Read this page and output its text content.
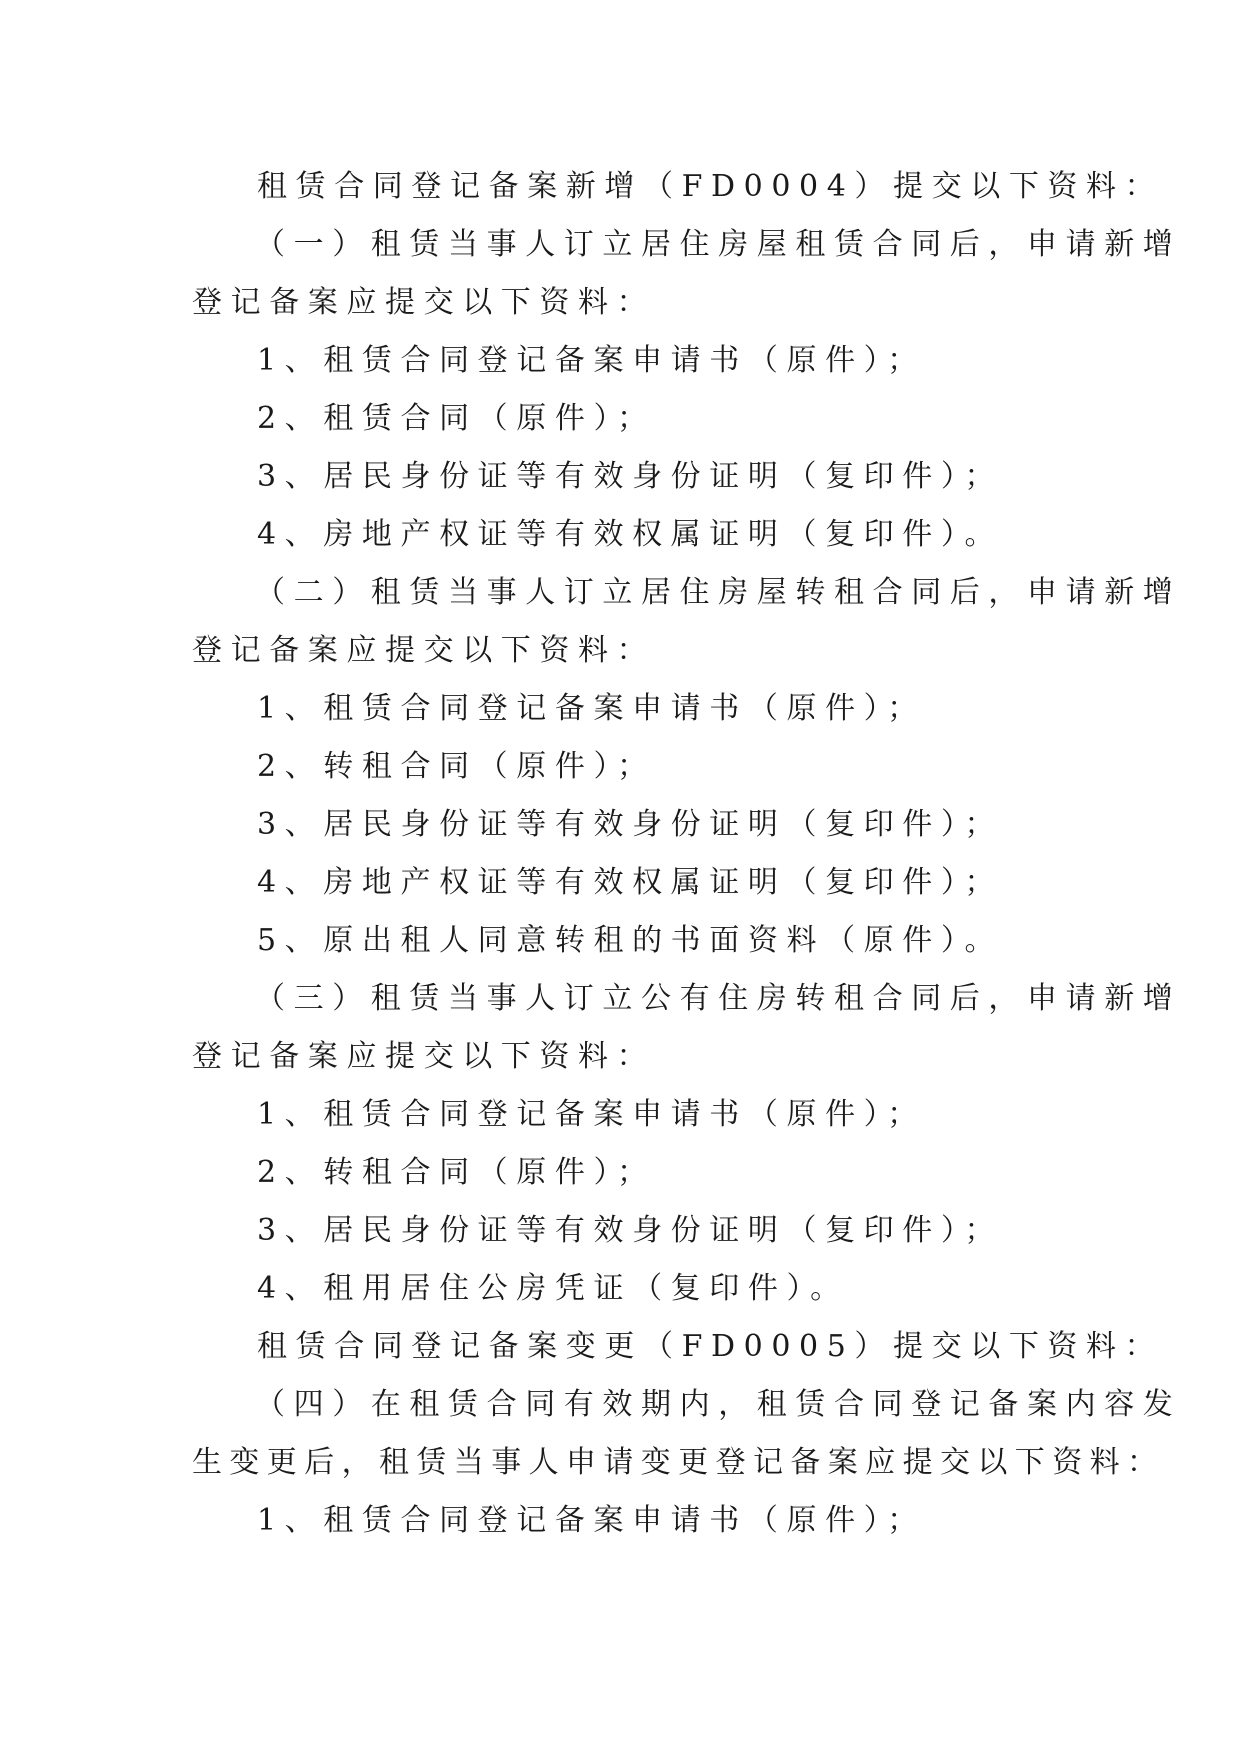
租赁合同登记备案新增（FD0004）提交以下资料：
（一）租赁当事人订立居住房屋租赁合同后，申请新增
登记备案应提交以下资料：
1、租赁合同登记备案申请书（原件）；
2、租赁合同（原件）；
3、居民身份证等有效身份证明（复印件）；
4、房地产权证等有效权属证明（复印件）。
（二）租赁当事人订立居住房屋转租合同后，申请新增
登记备案应提交以下资料：
1、租赁合同登记备案申请书（原件）；
2、转租合同（原件）；
3、居民身份证等有效身份证明（复印件）；
4、房地产权证等有效权属证明（复印件）；
5、原出租人同意转租的书面资料（原件）。
（三）租赁当事人订立公有住房转租合同后，申请新增
登记备案应提交以下资料：
1、租赁合同登记备案申请书（原件）；
2、转租合同（原件）；
3、居民身份证等有效身份证明（复印件）；
4、租用居住公房凭证（复印件）。
租赁合同登记备案变更（FD0005）提交以下资料：
（四）在租赁合同有效期内，租赁合同登记备案内容发
生变更后，租赁当事人申请变更登记备案应提交以下资料：
1、租赁合同登记备案申请书（原件）；
